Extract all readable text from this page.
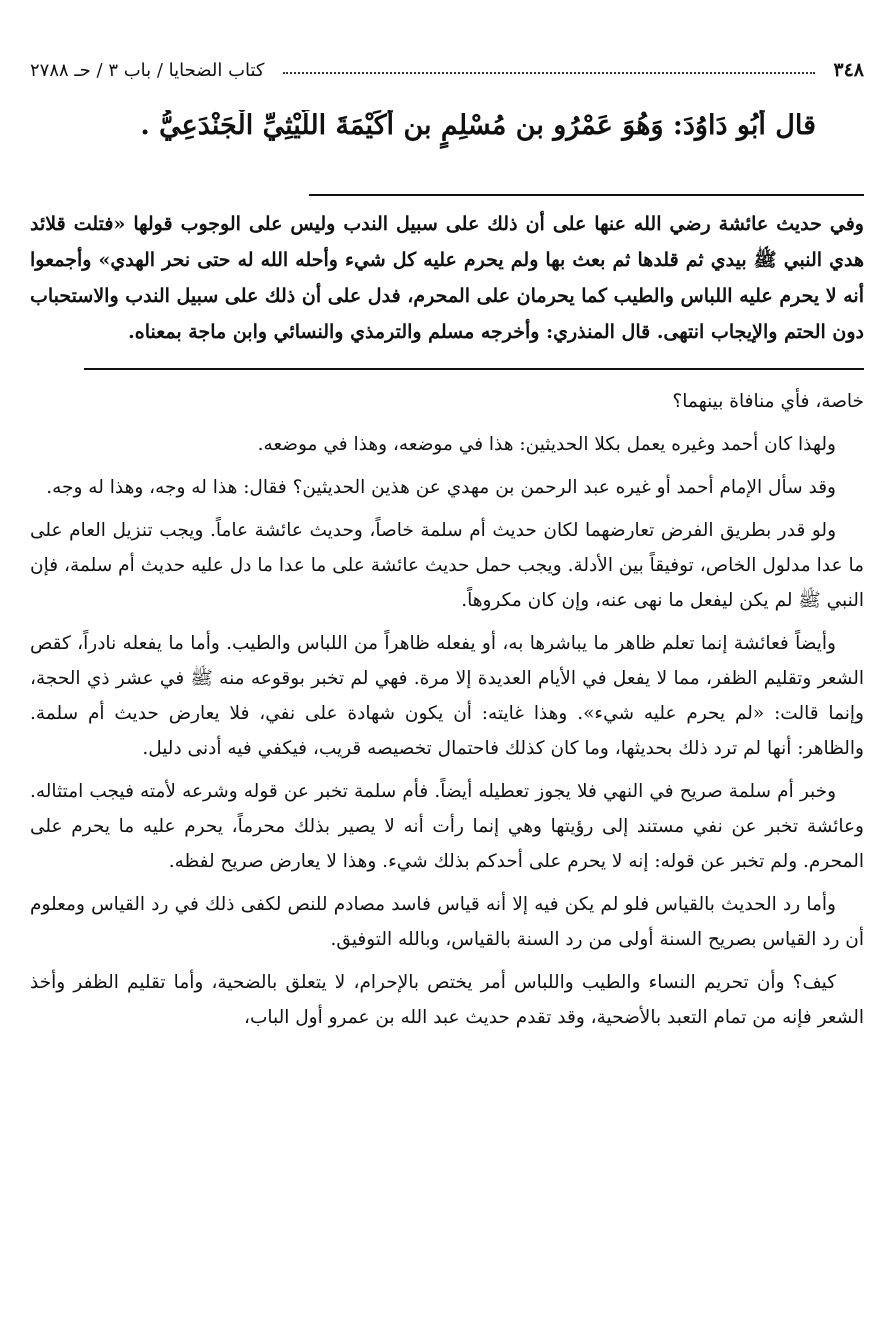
٣٤٨
كتاب الضحايا / باب ٣ / حـ ٢٧٨٨
قال أَبُو دَاوُدَ: وَهُوَ عَمْرُو بن مُسْلِمٍ بن أُكَيْمَةَ اللَّيْثِيِّ الْجَنْدَعِيُّ .

وفي حديث عائشة رضي الله عنها على أن ذلك على سبيل الندب وليس على الوجوب قولها «فتلت قلائد هدي النبي ﷺ بيدي ثم قلدها ثم بعث بها ولم يحرم عليه كل شيء وأحله الله له حتى نحر الهدي» وأجمعوا أنه لا يحرم عليه اللباس والطيب كما يحرمان على المحرم، فدل على أن ذلك على سبيل الندب والاستحباب دون الحتم والإيجاب انتهى. قال المنذري: وأخرجه مسلم والترمذي والنسائي وابن ماجة بمعناه.

خاصة، فأي منافاة بينهما؟

ولهذا كان أحمد وغيره يعمل بكلا الحديثين: هذا في موضعه، وهذا في موضعه.

وقد سأل الإمام أحمد أو غيره عبد الرحمن بن مهدي عن هذين الحديثين؟ فقال: هذا له وجه، وهذا له وجه.

ولو قدر بطريق الفرض تعارضهما لكان حديث أم سلمة خاصاً، وحديث عائشة عاماً. ويجب تنزيل العام على ما عدا مدلول الخاص، توفيقاً بين الأدلة. ويجب حمل حديث عائشة على ما عدا ما دل عليه حديث أم سلمة، فإن النبي ﷺ لم يكن ليفعل ما نهى عنه، وإن كان مكروهاً.

وأيضاً فعائشة إنما تعلم ظاهر ما يباشرها به، أو يفعله ظاهراً من اللباس والطيب. وأما ما يفعله نادراً، كقص الشعر وتقليم الظفر، مما لا يفعل في الأيام العديدة إلا مرة. فهي لم تخبر بوقوعه منه ﷺ في عشر ذي الحجة، وإنما قالت: «لم يحرم عليه شيء». وهذا غايته: أن يكون شهادة على نفي، فلا يعارض حديث أم سلمة. والظاهر: أنها لم ترد ذلك بحديثها، وما كان كذلك فاحتمال تخصيصه قريب، فيكفي فيه أدنى دليل.

وخبر أم سلمة صريح في النهي فلا يجوز تعطيله أيضاً. فأم سلمة تخبر عن قوله وشرعه لأمته فيجب امتثاله. وعائشة تخبر عن نفي مستند إلى رؤيتها وهي إنما رأت أنه لا يصير بذلك محرماً، يحرم عليه ما يحرم على المحرم. ولم تخبر عن قوله: إنه لا يحرم على أحدكم بذلك شيء. وهذا لا يعارض صريح لفظه.

وأما رد الحديث بالقياس فلو لم يكن فيه إلا أنه قياس فاسد مصادم للنص لكفى ذلك في رد القياس ومعلوم أن رد القياس بصريح السنة أولى من رد السنة بالقياس، وبالله التوفيق.

كيف؟ وأن تحريم النساء والطيب واللباس أمر يختص بالإحرام، لا يتعلق بالضحية، وأما تقليم الظفر وأخذ الشعر فإنه من تمام التعبد بالأضحية، وقد تقدم حديث عبد الله بن عمرو أول الباب،
